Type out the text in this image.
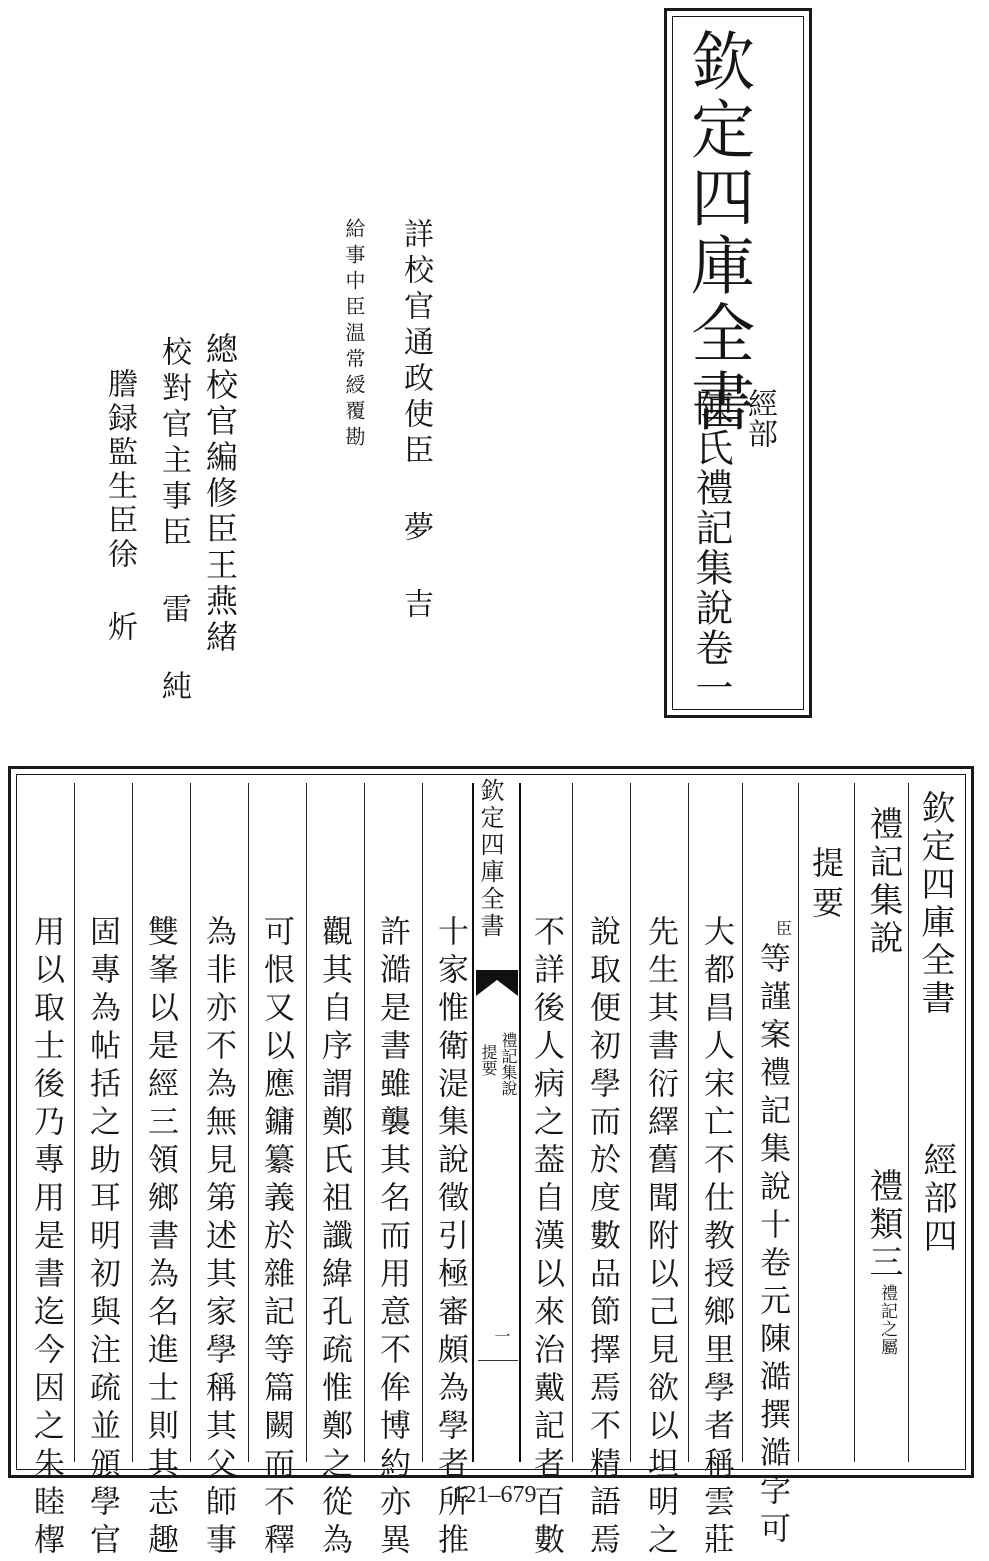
欽定四庫全書
經部
陳氏禮記集說卷一
詳校官通政使臣 夢 吉
給事中臣温常綬覆勘
總校官編修臣王燕緒
校對官主事臣 雷 純
謄録監生臣徐 炘
欽定四庫全書
經部四
禮記集說
禮類三
禮記之屬
提要
臣
等謹案禮記集說十卷元陳澔撰澔字可
大都昌人宋亡不仕教授鄉里學者稱雲莊
先生其書衍繹舊聞附以己見欲以坦明之
說取便初學而於度數品節擇焉不精語焉
不詳後人病之葢自漢以來治戴記者百數
欽定四庫全書
禮記集說
提要
一
十家惟衛湜集說徵引極審頗為學者所推
許澔是書雖襲其名而用意不侔博約亦異
觀其自序謂鄭氏祖讖緯孔疏惟鄭之從為
可恨又以應鏞纂義於雜記等篇闕而不釋
為非亦不為無見第述其家學稱其父師事
雙峯以是經三領鄉書為名進士則其志趣
固專為帖括之助耳明初與注疏並頒學官
用以取士後乃專用是書迄今因之朱睦㮮	121–679
